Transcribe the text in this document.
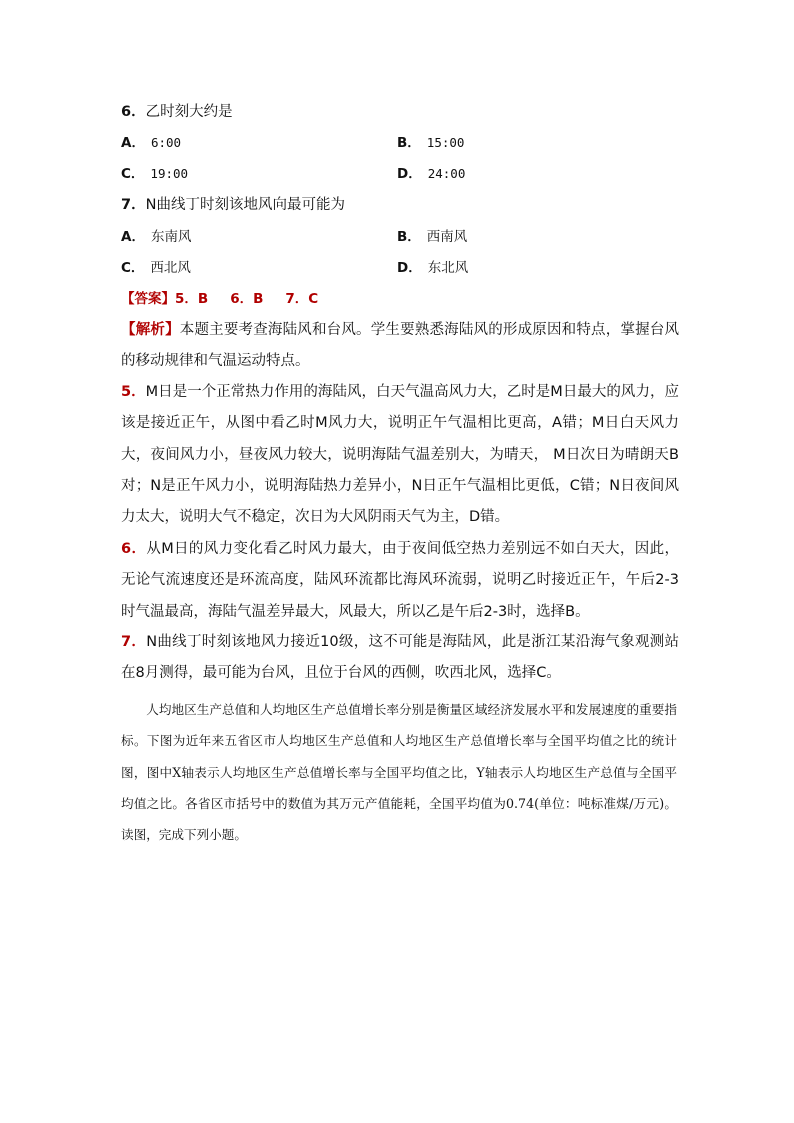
6．乙时刻大约是
A． 6:00	B． 15:00
C． 19:00	D． 24:00
7．N曲线丁时刻该地风向最可能为
A． 东南风	B． 西南风
C． 西北风	D． 东北风
【答案】5．B 6．B 7．C
【解析】本题主要考查海陆风和台风。学生要熟悉海陆风的形成原因和特点，掌握台风的移动规律和气温运动特点。
5．M日是一个正常热力作用的海陆风，白天气温高风力大，乙时是M日最大的风力，应该是接近正午，从图中看乙时M风力大，说明正午气温相比更高，A错；M日白天风力大，夜间风力小，昼夜风力较大，说明海陆气温差别大，为晴天， M日次日为晴朗天B对；N是正午风力小，说明海陆热力差异小，N日正午气温相比更低，C错；N日夜间风力太大，说明大气不稳定，次日为大风阴雨天气为主，D错。
6．从M日的风力变化看乙时风力最大，由于夜间低空热力差别远不如白天大，因此，无论气流速度还是环流高度，陆风环流都比海风环流弱，说明乙时接近正午，午后2-3时气温最高，海陆气温差异最大，风最大，所以乙是午后2-3时，选择B。
7．N曲线丁时刻该地风力接近10级，这不可能是海陆风，此是浙江某沿海气象观测站在8月测得，最可能为台风，且位于台风的西侧，吹西北风，选择C。
人均地区生产总值和人均地区生产总值增长率分别是衡量区域经济发展水平和发展速度的重要指标。下图为近年来五省区市人均地区生产总值和人均地区生产总值增长率与全国平均值之比的统计图，图中X轴表示人均地区生产总值增长率与全国平均值之比，Y轴表示人均地区生产总值与全国平均值之比。各省区市括号中的数值为其万元产值能耗，全国平均值为0.74(单位：吨标准煤/万元)。读图，完成下列小题。
